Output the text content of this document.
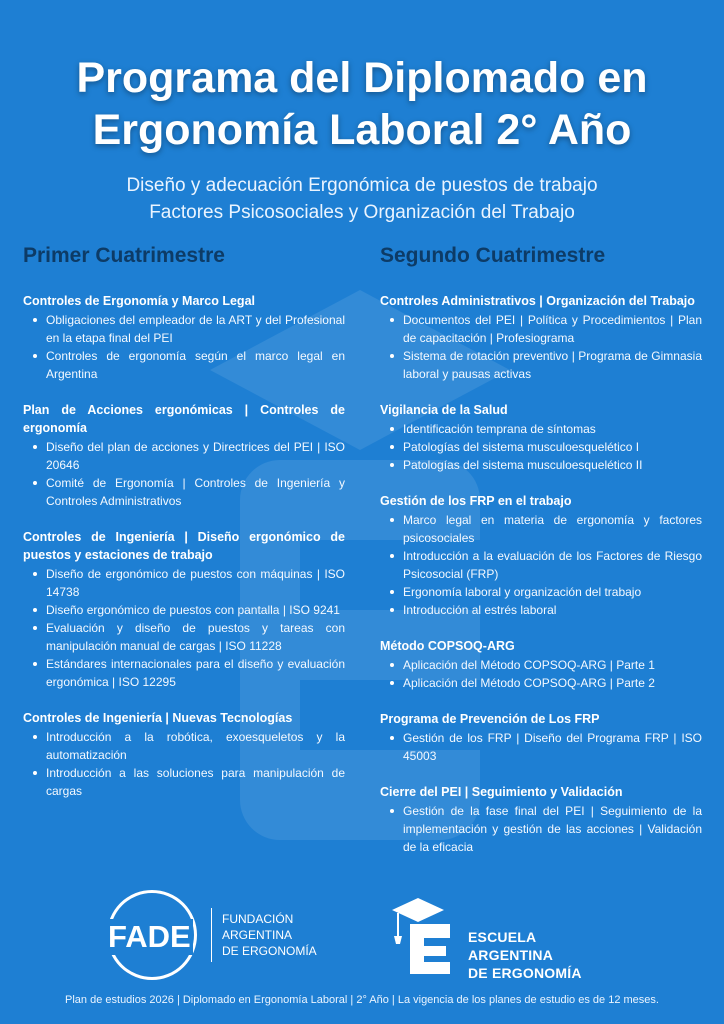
Programa del Diplomado en Ergonomía Laboral 2° Año
Diseño y adecuación Ergonómica de puestos de trabajo
Factores Psicosociales y Organización del Trabajo
Primer Cuatrimestre
Controles de Ergonomía y Marco Legal
Obligaciones del empleador de la ART y del Profesional en la etapa final del PEI
Controles de ergonomía según el marco legal en Argentina
Plan de Acciones ergonómicas | Controles de ergonomía
Diseño del plan de acciones y Directrices del PEI | ISO 20646
Comité de Ergonomía | Controles de Ingeniería y Controles Administrativos
Controles de Ingeniería | Diseño ergonómico de puestos y estaciones de trabajo
Diseño de ergonómico de puestos con máquinas | ISO 14738
Diseño ergonómico de puestos con pantalla | ISO 9241
Evaluación y diseño de puestos y tareas con manipulación manual de cargas | ISO 11228
Estándares internacionales para el diseño y evaluación ergonómica | ISO 12295
Controles de Ingeniería | Nuevas Tecnologías
Introducción a la robótica, exoesqueletos y la automatización
Introducción a las soluciones para manipulación de cargas
Segundo Cuatrimestre
Controles Administrativos | Organización del Trabajo
Documentos del PEI | Política y Procedimientos | Plan de capacitación | Profesiograma
Sistema de rotación preventivo | Programa de Gimnasia laboral y pausas activas
Vigilancia de la Salud
Identificación temprana de síntomas
Patologías del sistema musculoesquelético I
Patologías del sistema musculoesquelético II
Gestión de los FRP en el trabajo
Marco legal en materia de ergonomía y factores psicosociales
Introducción a la evaluación de los Factores de Riesgo Psicosocial (FRP)
Ergonomía laboral y organización del trabajo
Introducción al estrés laboral
Método COPSOQ-ARG
Aplicación del Método COPSOQ-ARG | Parte 1
Aplicación del Método COPSOQ-ARG | Parte 2
Programa de Prevención de Los FRP
Gestión de los FRP | Diseño del Programa FRP | ISO 45003
Cierre del PEI | Seguimiento y Validación
Gestión de la fase final del PEI | Seguimiento de la implementación y gestión de las acciones | Validación de la eficacia
FADE	FUNDACIÓN
ARGENTINA
DE ERGONOMÍA
ESCUELA ARGENTINA
DE ERGONOMÍA
Plan de estudios 2026 | Diplomado en Ergonomía Laboral | 2° Año | La vigencia de los planes de estudio es de 12 meses.
